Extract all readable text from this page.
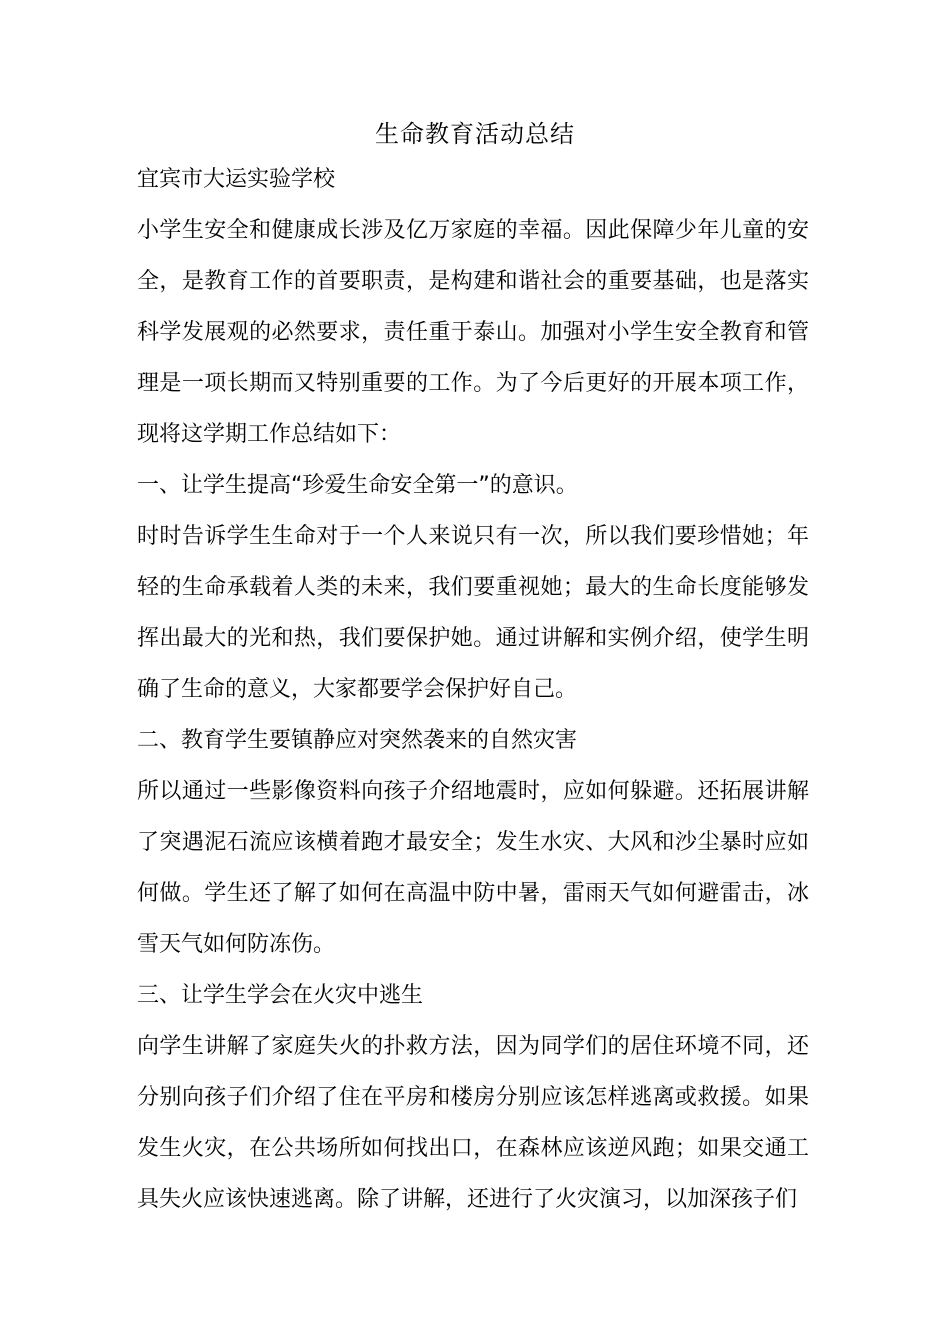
生命教育活动总结
宜宾市大运实验学校

小学生安全和健康成长涉及亿万家庭的幸福。因此保障少年儿童的安全，是教育工作的首要职责，是构建和谐社会的重要基础，也是落实科学发展观的必然要求，责任重于泰山。加强对小学生安全教育和管理是一项长期而又特别重要的工作。为了今后更好的开展本项工作，现将这学期工作总结如下：

一、让学生提高“珍爱生命安全第一”的意识。

时时告诉学生生命对于一个人来说只有一次，所以我们要珍惜她；年轻的生命承载着人类的未来，我们要重视她；最大的生命长度能够发挥出最大的光和热，我们要保护她。通过讲解和实例介绍，使学生明确了生命的意义，大家都要学会保护好自己。

二、教育学生要镇静应对突然袭来的自然灾害

所以通过一些影像资料向孩子介绍地震时，应如何躲避。还拓展讲解了突遇泥石流应该横着跑才最安全；发生水灾、大风和沙尘暴时应如何做。学生还了解了如何在高温中防中暑，雷雨天气如何避雷击，冰雪天气如何防冻伤。

三、让学生学会在火灾中逃生

向学生讲解了家庭失火的扑救方法，因为同学们的居住环境不同，还分别向孩子们介绍了住在平房和楼房分别应该怎样逃离或救援。如果发生火灾，在公共场所如何找出口，在森林应该逆风跑；如果交通工具失火应该快速逃离。除了讲解，还进行了火灾演习，以加深孩子们
